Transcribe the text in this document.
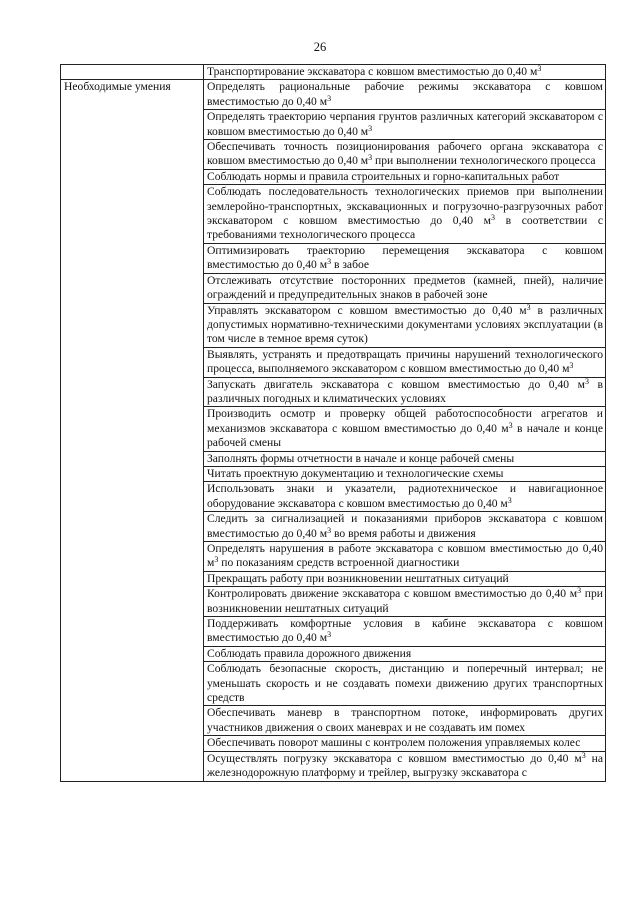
26
	Транспортирование экскаватора с ковшом вместимостью до 0,40 $м^3$
Необходимые умения	Определять рациональные рабочие режимы экскаватора с ковшом вместимостью до 0,40 $м^3$
	Определять траекторию черпания грунтов различных категорий экскаватором с ковшом вместимостью до 0,40 $м^3$
	Обеспечивать точность позиционирования рабочего органа экскаватора с ковшом вместимостью до 0,40 $м^3$ при выполнении технологического процесса
	Соблюдать нормы и правила строительных и горно-капитальных работ
	Соблюдать последовательность технологических приемов при выполнении землеройно-транспортных, экскавационных и погрузочно-разгрузочных работ экскаватором с ковшом вместимостью до 0,40 $м^3$ в соответствии с требованиями технологического процесса
	Оптимизировать траекторию перемещения экскаватора с ковшом вместимостью до 0,40 $м^3$ в забое
	Отслеживать отсутствие посторонних предметов (камней, пней), наличие ограждений и предупредительных знаков в рабочей зоне
	Управлять экскаватором с ковшом вместимостью до 0,40 $м^3$ в различных допустимых нормативно-техническими документами условиях эксплуатации (в том числе в темное время суток)
	Выявлять, устранять и предотвращать причины нарушений технологического процесса, выполняемого экскаватором с ковшом вместимостью до 0,40 $м^3$
	Запускать двигатель экскаватора с ковшом вместимостью до 0,40 $м^3$ в различных погодных и климатических условиях
	Производить осмотр и проверку общей работоспособности агрегатов и механизмов экскаватора с ковшом вместимостью до 0,40 $м^3$ в начале и конце рабочей смены
	Заполнять формы отчетности в начале и конце рабочей смены
	Читать проектную документацию и технологические схемы
	Использовать знаки и указатели, радиотехническое и навигационное оборудование экскаватора с ковшом вместимостью до 0,40 $м^3$
	Следить за сигнализацией и показаниями приборов экскаватора с ковшом вместимостью до 0,40 $м^3$ во время работы и движения
	Определять нарушения в работе экскаватора с ковшом вместимостью до 0,40 $м^3$ по показаниям средств встроенной диагностики
	Прекращать работу при возникновении нештатных ситуаций
	Контролировать движение экскаватора с ковшом вместимостью до 0,40 $м^3$ при возникновении нештатных ситуаций
	Поддерживать комфортные условия в кабине экскаватора с ковшом вместимостью до 0,40 $м^3$
	Соблюдать правила дорожного движения
	Соблюдать безопасные скорость, дистанцию и поперечный интервал; не уменьшать скорость и не создавать помехи движению других транспортных средств
	Обеспечивать маневр в транспортном потоке, информировать других участников движения о своих маневрах и не создавать им помех
	Обеспечивать поворот машины с контролем положения управляемых колес
	Осуществлять погрузку экскаватора с ковшом вместимостью до 0,40 $м^3$ на железнодорожную платформу и трейлер, выгрузку экскаватора с
